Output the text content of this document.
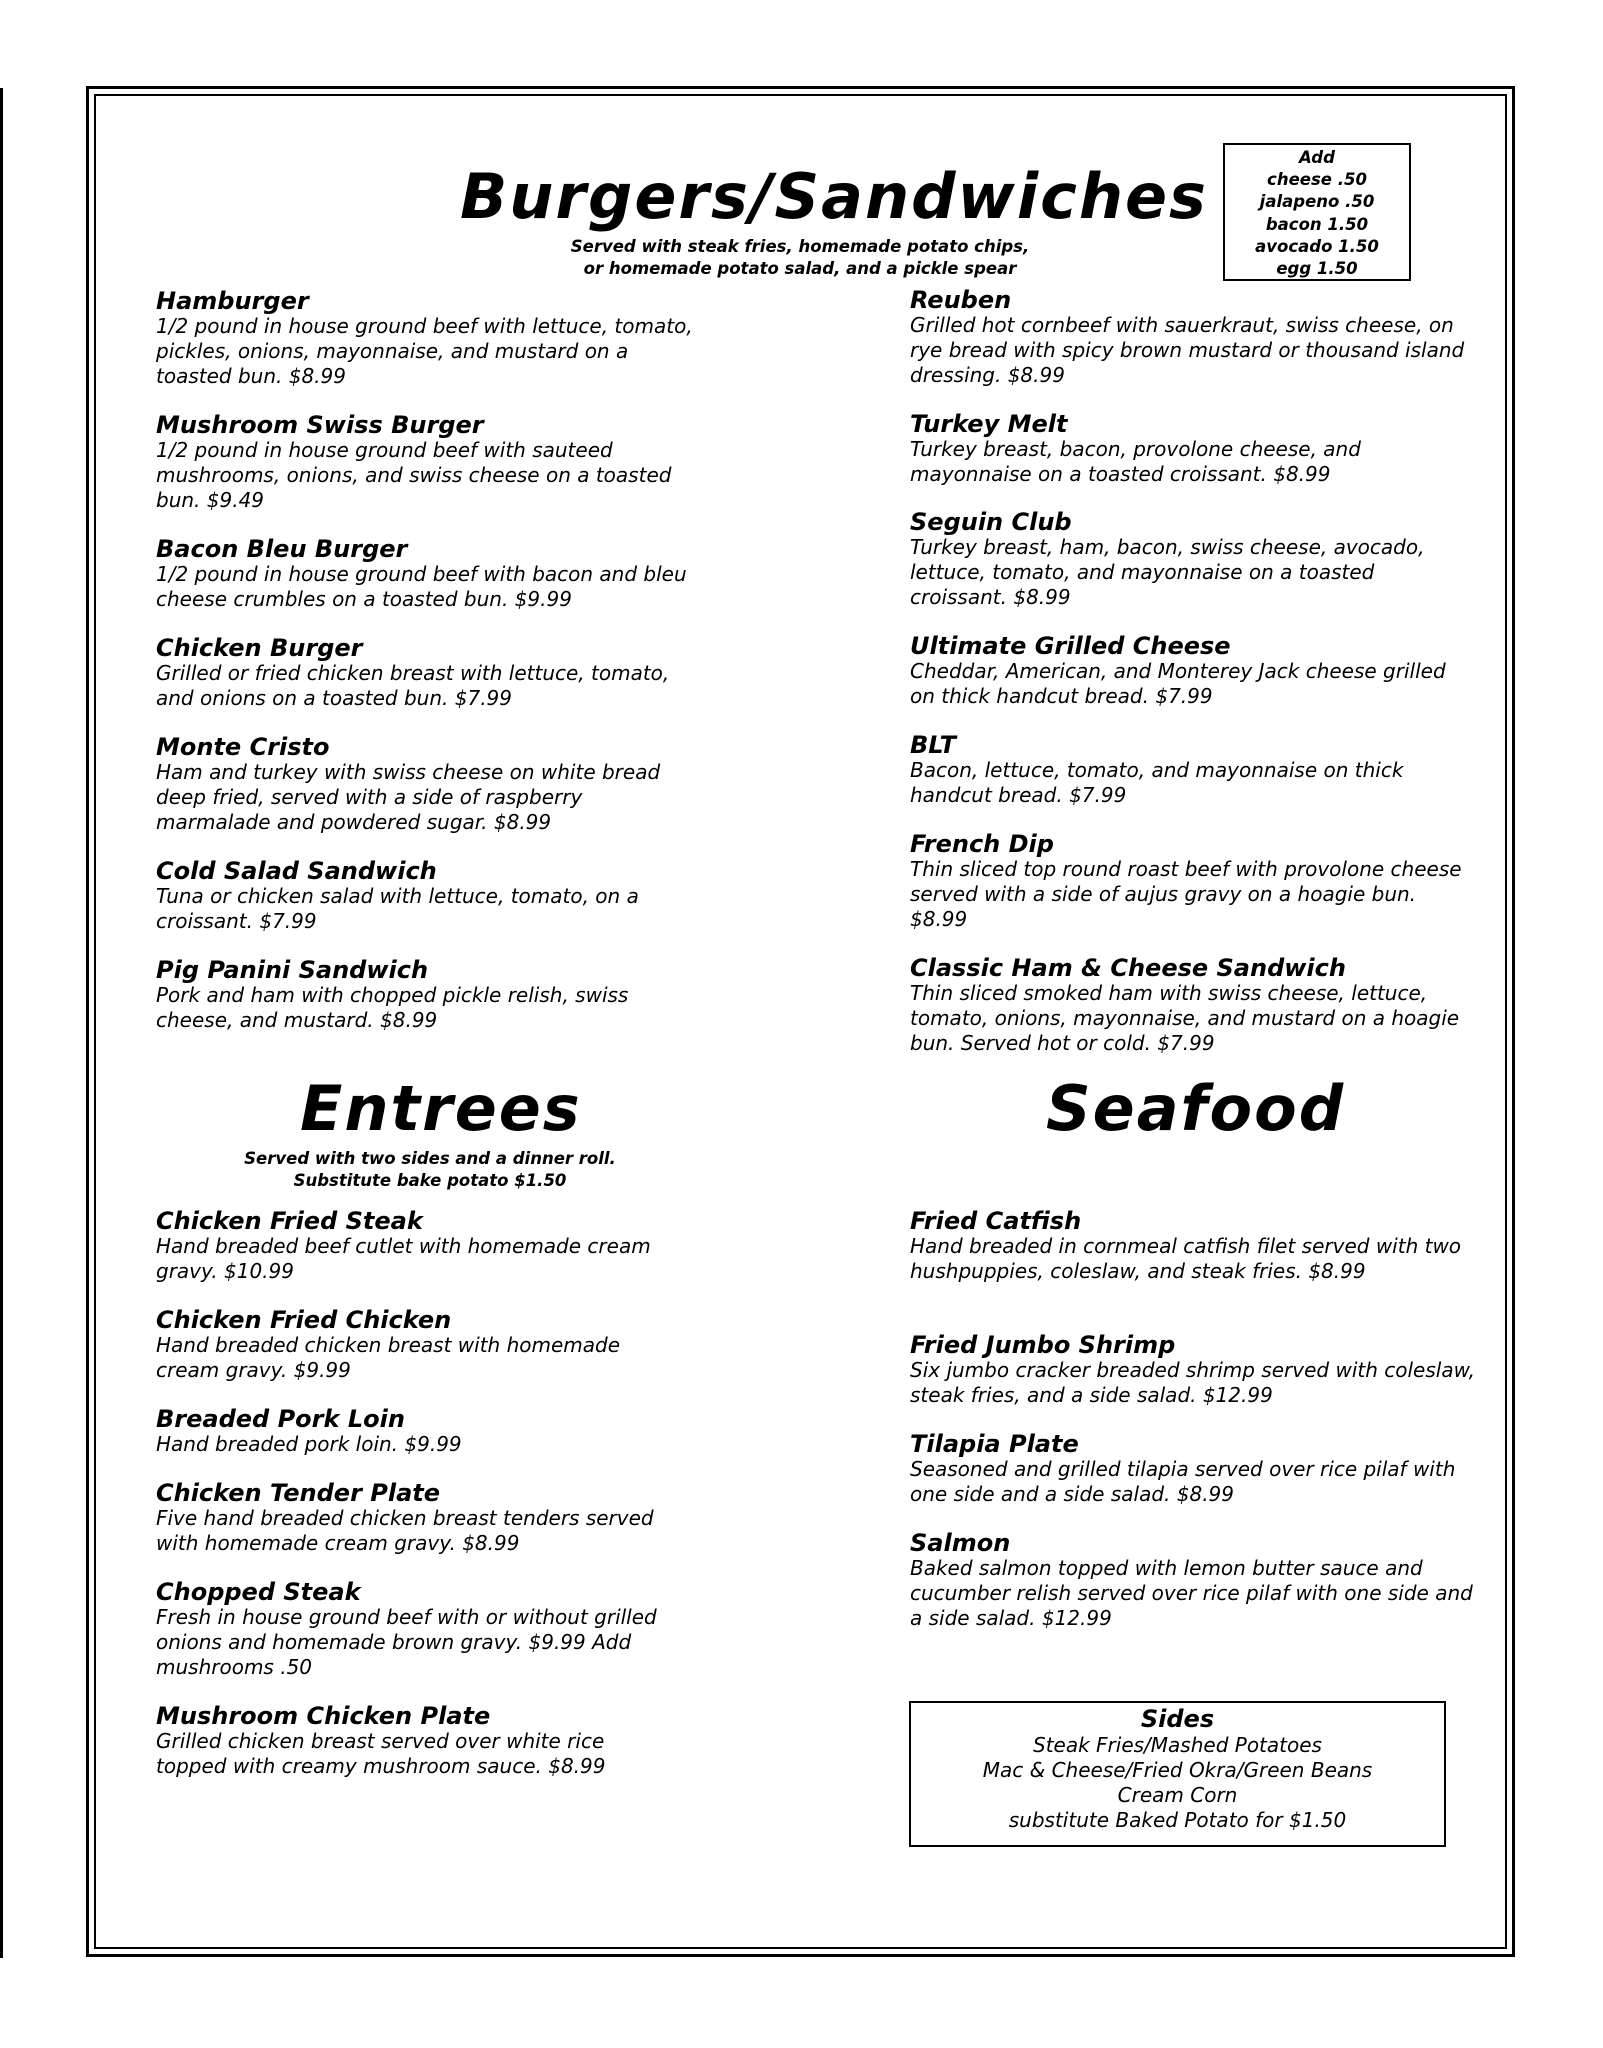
Burgers/Sandwiches
Served with steak fries, homemade potato chips,
or homemade potato salad, and a pickle spear
Add
cheese .50
jalapeno .50
bacon 1.50
avocado 1.50
egg 1.50
Hamburger
1/2 pound in house ground beef with lettuce, tomato, pickles, onions, mayonnaise, and mustard on a toasted bun. $8.99
Mushroom Swiss Burger
1/2 pound in house ground beef with sauteed mushrooms, onions, and swiss cheese on a toasted bun. $9.49
Bacon Bleu Burger
1/2 pound in house ground beef with bacon and bleu cheese crumbles on a toasted bun. $9.99
Chicken Burger
Grilled or fried chicken breast with lettuce, tomato, and onions on a toasted bun. $7.99
Monte Cristo
Ham and turkey with swiss cheese on white bread deep fried, served with a side of raspberry marmalade and powdered sugar. $8.99
Cold Salad Sandwich
Tuna or chicken salad with lettuce, tomato, on a croissant. $7.99
Pig Panini Sandwich
Pork and ham with chopped pickle relish, swiss cheese, and mustard. $8.99
Reuben
Grilled hot cornbeef with sauerkraut, swiss cheese, on rye bread with spicy brown mustard or thousand island dressing. $8.99
Turkey Melt
Turkey breast, bacon, provolone cheese, and mayonnaise on a toasted croissant. $8.99
Seguin Club
Turkey breast, ham, bacon, swiss cheese, avocado, lettuce, tomato, and mayonnaise on a toasted croissant. $8.99
Ultimate Grilled Cheese
Cheddar, American, and Monterey Jack cheese grilled on thick handcut bread. $7.99
BLT
Bacon, lettuce, tomato, and mayonnaise on thick handcut bread. $7.99
French Dip
Thin sliced top round roast beef with provolone cheese served with a side of aujus gravy on a hoagie bun. $8.99
Classic Ham & Cheese Sandwich
Thin sliced smoked ham with swiss cheese, lettuce, tomato, onions, mayonnaise, and mustard on a hoagie bun. Served hot or cold. $7.99
Entrees
Served with two sides and a dinner roll.
Substitute bake potato $1.50
Chicken Fried Steak
Hand breaded beef cutlet with homemade cream gravy. $10.99
Chicken Fried Chicken
Hand breaded chicken breast with homemade cream gravy. $9.99
Breaded Pork Loin
Hand breaded pork loin. $9.99
Chicken Tender Plate
Five hand breaded chicken breast tenders served with homemade cream gravy. $8.99
Chopped Steak
Fresh in house ground beef with or without grilled onions and homemade brown gravy. $9.99 Add mushrooms .50
Mushroom Chicken Plate
Grilled chicken breast served over white rice topped with creamy mushroom sauce. $8.99
Seafood
Fried Catfish
Hand breaded in cornmeal catfish filet served with two hushpuppies, coleslaw, and steak fries. $8.99
Fried Jumbo Shrimp
Six jumbo cracker breaded shrimp served with coleslaw, steak fries, and a side salad. $12.99
Tilapia Plate
Seasoned and grilled tilapia served over rice pilaf with one side and a side salad. $8.99
Salmon
Baked salmon topped with lemon butter sauce and cucumber relish served over rice pilaf with one side and a side salad. $12.99
Sides
Steak Fries/Mashed Potatoes
Mac & Cheese/Fried Okra/Green Beans
Cream Corn
substitute Baked Potato for $1.50
